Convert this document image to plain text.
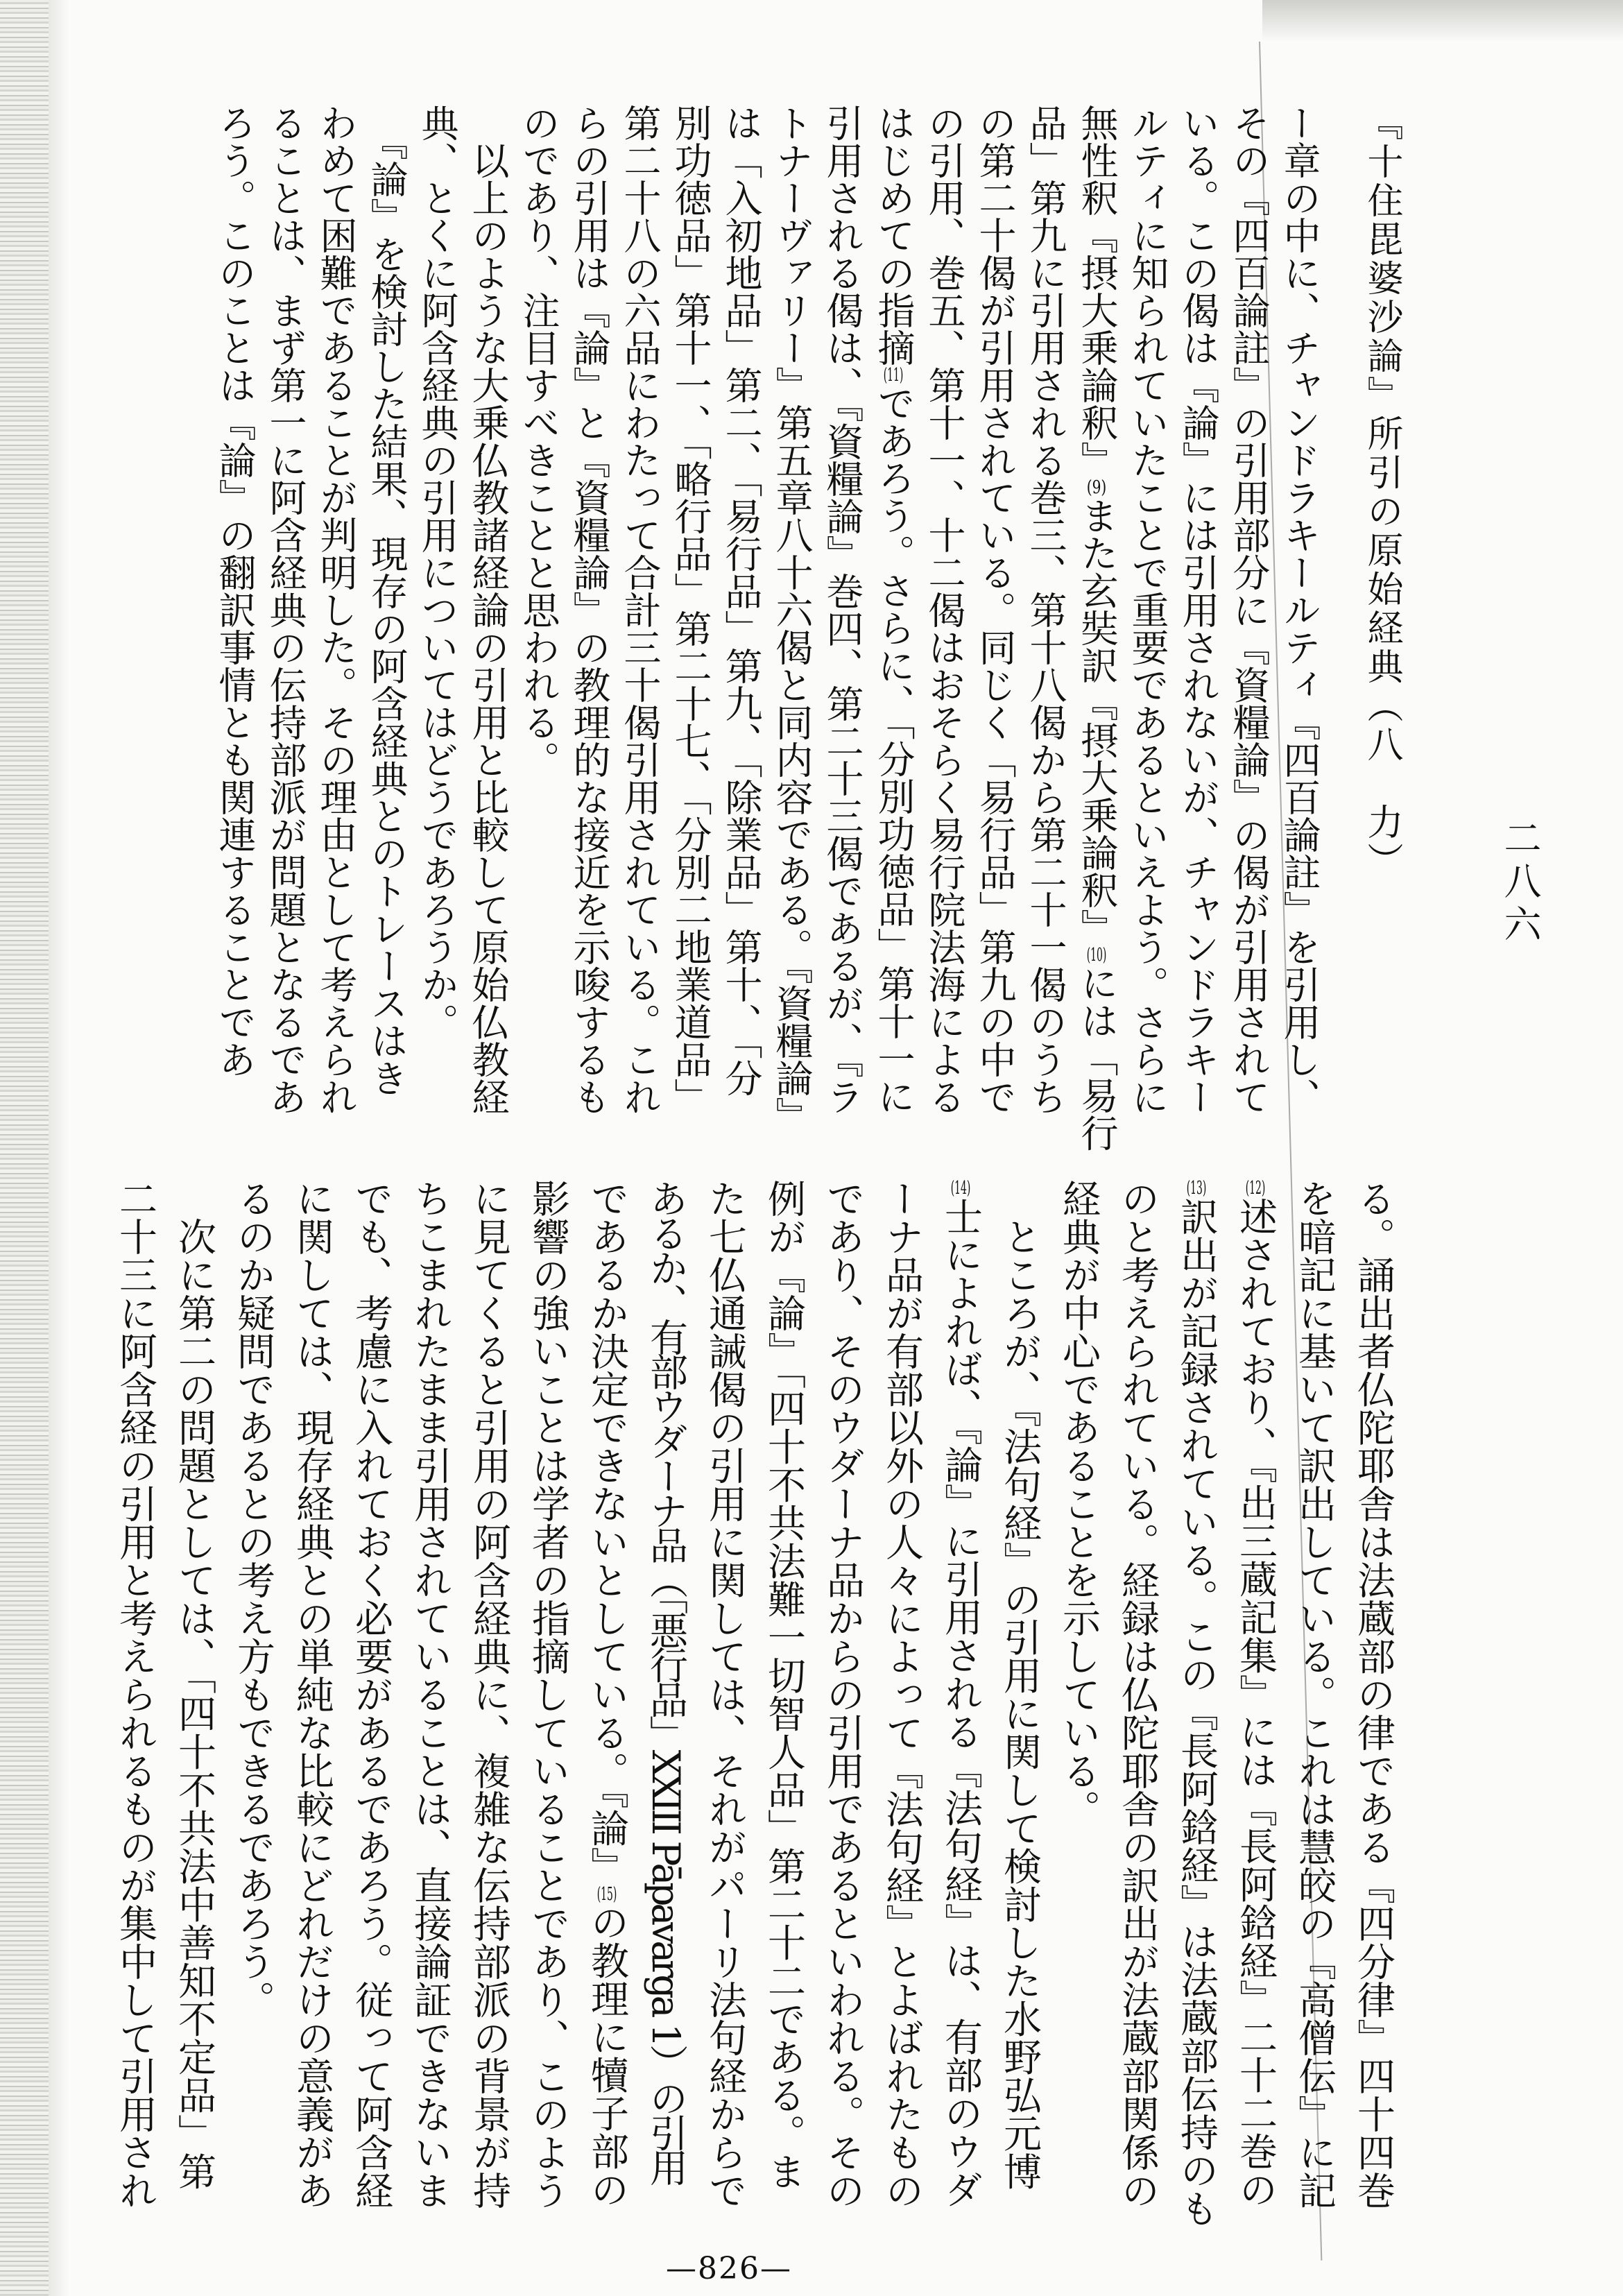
『十住毘婆沙論』所引の原始経典（八　力）
二八六
ー章の中に、チャンドラキールティ『四百論註』を引用し、
その『四百論註』の引用部分に『資糧論』の偈が引用されて
いる。この偈は『論』には引用されないが、チャンドラキー
ルティに知られていたことで重要であるといえよう。さらに
無性釈『摂大乗論釈』(9)また玄奘訳『摂大乗論釈』(10)には「易行
品」第九に引用される巻三、第十八偈から第二十一偈のうち
の第二十偈が引用されている。同じく「易行品」第九の中で
の引用、巻五、第十一、十二偈はおそらく易行院法海による
はじめての指摘(11)であろう。さらに、「分別功徳品」第十一に
引用される偈は、『資糧論』巻四、第二十三偈であるが、『ラ
トナーヴァリー』第五章八十六偈と同内容である。『資糧論』
は「入初地品」第二、「易行品」第九、「除業品」第十、「分
別功徳品」第十一、「略行品」第二十七、「分別二地業道品」
第二十八の六品にわたって合計三十偈引用されている。これ
らの引用は『論』と『資糧論』の教理的な接近を示唆するも
のであり、注目すべきことと思われる。
　以上のような大乗仏教諸経論の引用と比較して原始仏教経
典、とくに阿含経典の引用についてはどうであろうか。
　『論』を検討した結果、現存の阿含経典とのトレースはき
わめて困難であることが判明した。その理由として考えられ
ることは、まず第一に阿含経典の伝持部派が問題となるであ
ろう。このことは『論』の翻訳事情とも関連することであ
る。誦出者仏陀耶舎は法蔵部の律である『四分律』四十四巻
を暗記に基いて訳出している。これは慧皎の『高僧伝』に記
(12)述されており、『出三蔵記集』には『長阿鋡経』二十二巻の
(13)訳出が記録されている。この『長阿鋡経』は法蔵部伝持のも
のと考えられている。経録は仏陀耶舎の訳出が法蔵部関係の
経典が中心であることを示している。
　ところが、『法句経』の引用に関して検討した水野弘元博
(14)士によれば、『論』に引用される『法句経』は、有部のウダ
ーナ品が有部以外の人々によって『法句経』とよばれたもの
であり、そのウダーナ品からの引用であるといわれる。その
例が『論』「四十不共法難一切智人品」第二十二である。ま
た七仏通誡偈の引用に関しては、それがパーリ法句経からで
あるか、有部ウダーナ品（「悪行品」XXIII Pāpavarga 1）の引用
であるか決定できないとしている。『論』(15)の教理に犢子部の
影響の強いことは学者の指摘していることであり、このよう
に見てくると引用の阿含経典に、複雑な伝持部派の背景が持
ちこまれたまま引用されていることは、直接論証できないま
でも、考慮に入れておく必要があるであろう。従って阿含経
に関しては、現存経典との単純な比較にどれだけの意義があ
るのか疑問であるとの考え方もできるであろう。
　次に第二の問題としては、「四十不共法中善知不定品」第
二十三に阿含経の引用と考えられるものが集中して引用され
—826—
